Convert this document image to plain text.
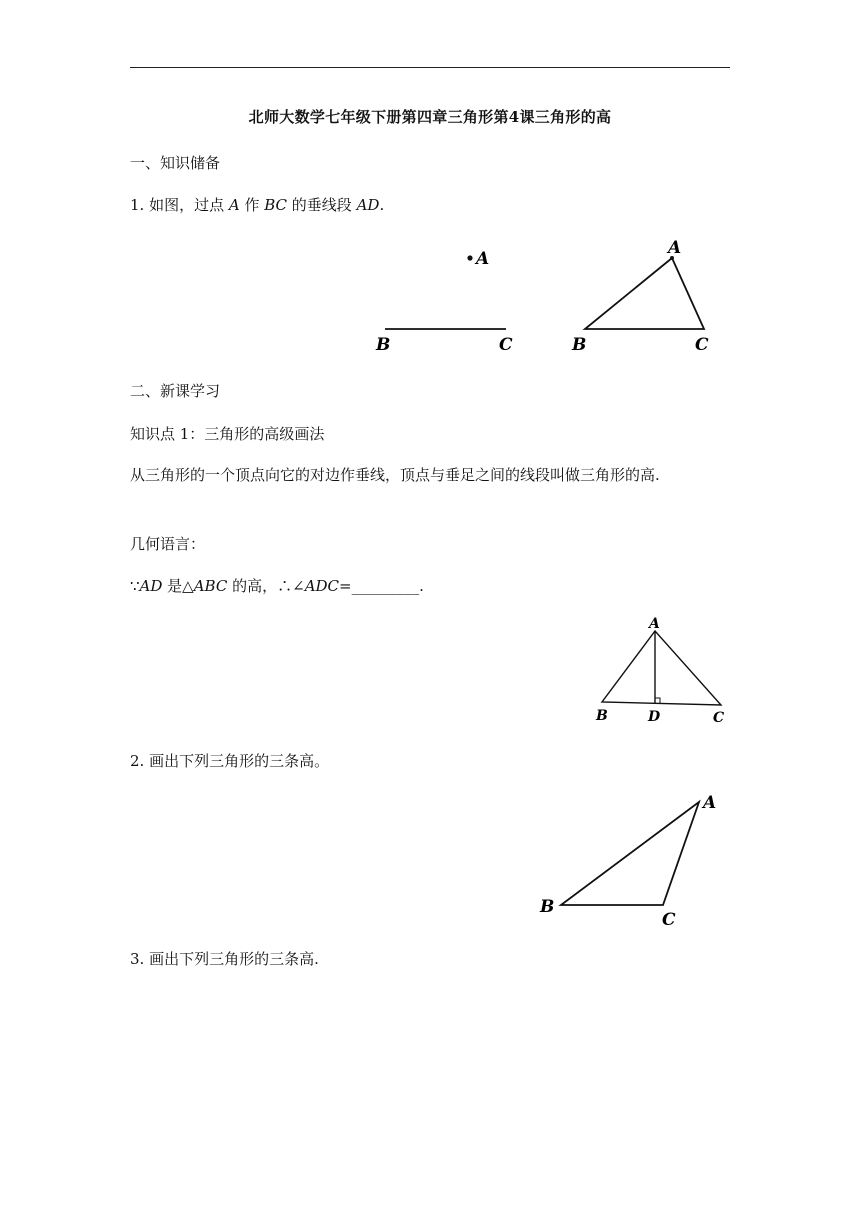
北师大数学七年级下册第四章三角形第4课三角形的高
一、知识储备
1. 如图，过点 A 作 BC 的垂线段 AD.
A
B	C
A
B	C
二、新课学习
知识点 1：三角形的高级画法
从三角形的一个顶点向它的对边作垂线，顶点与垂足之间的线段叫做三角形的高.
几何语言：
∵AD 是△ABC 的高，∴∠ADC=_________.
A
B	D	C
2. 画出下列三角形的三条高。
A
B
C
3. 画出下列三角形的三条高.
